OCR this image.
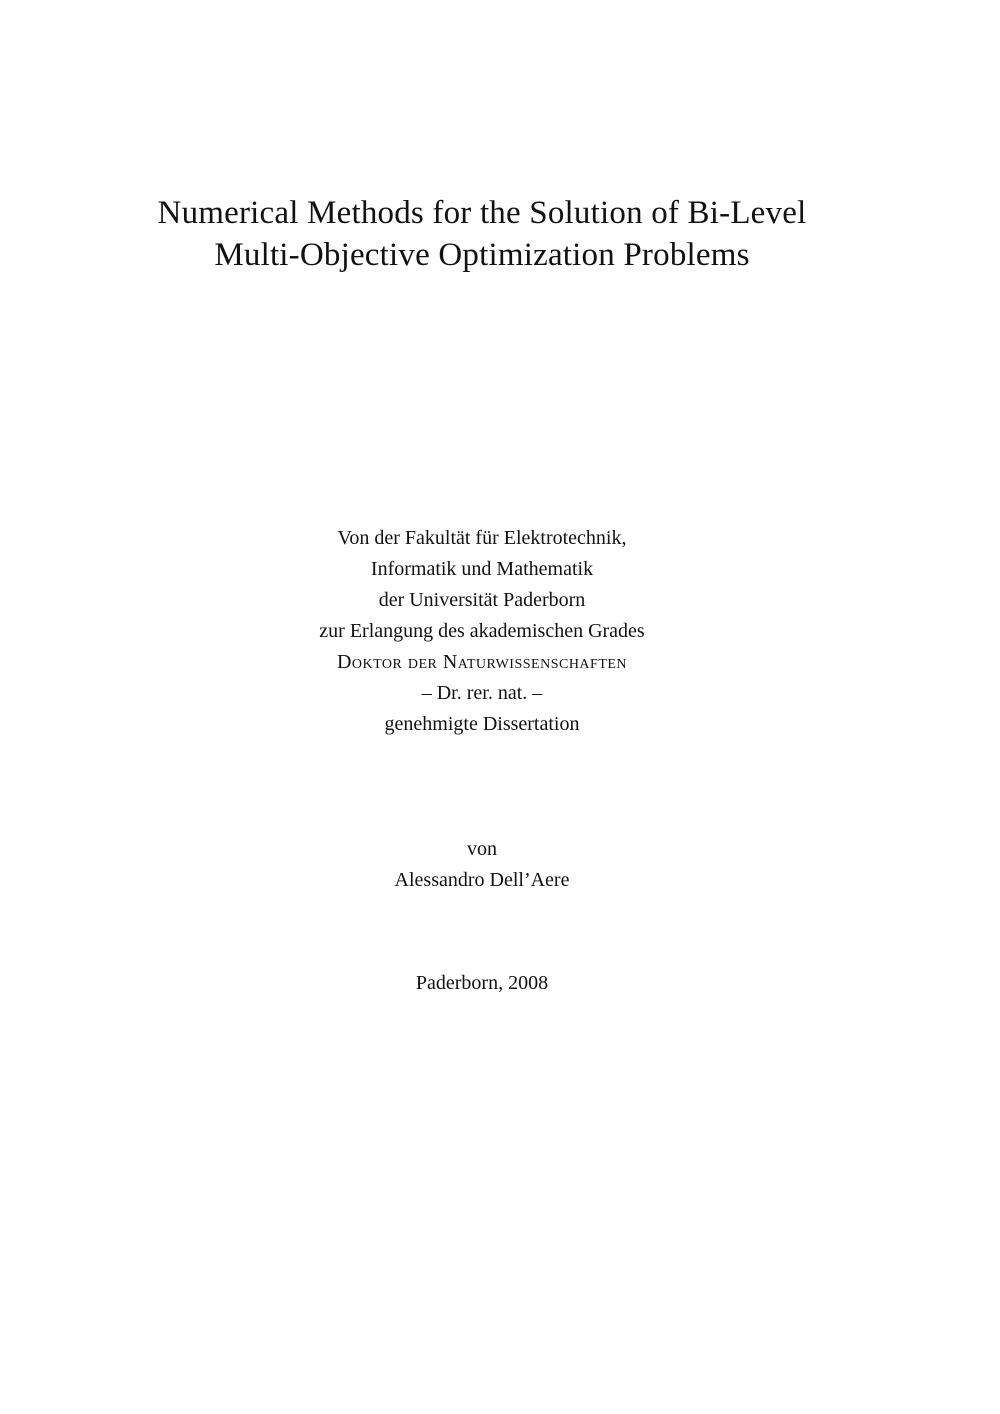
Numerical Methods for the Solution of Bi-Level
Multi-Objective Optimization Problems
Von der Fakultät für Elektrotechnik,
Informatik und Mathematik
der Universität Paderborn
zur Erlangung des akademischen Grades
Doktor der Naturwissenschaften
– Dr. rer. nat. –
genehmigte Dissertation
von
Alessandro Dell’Aere
Paderborn, 2008
